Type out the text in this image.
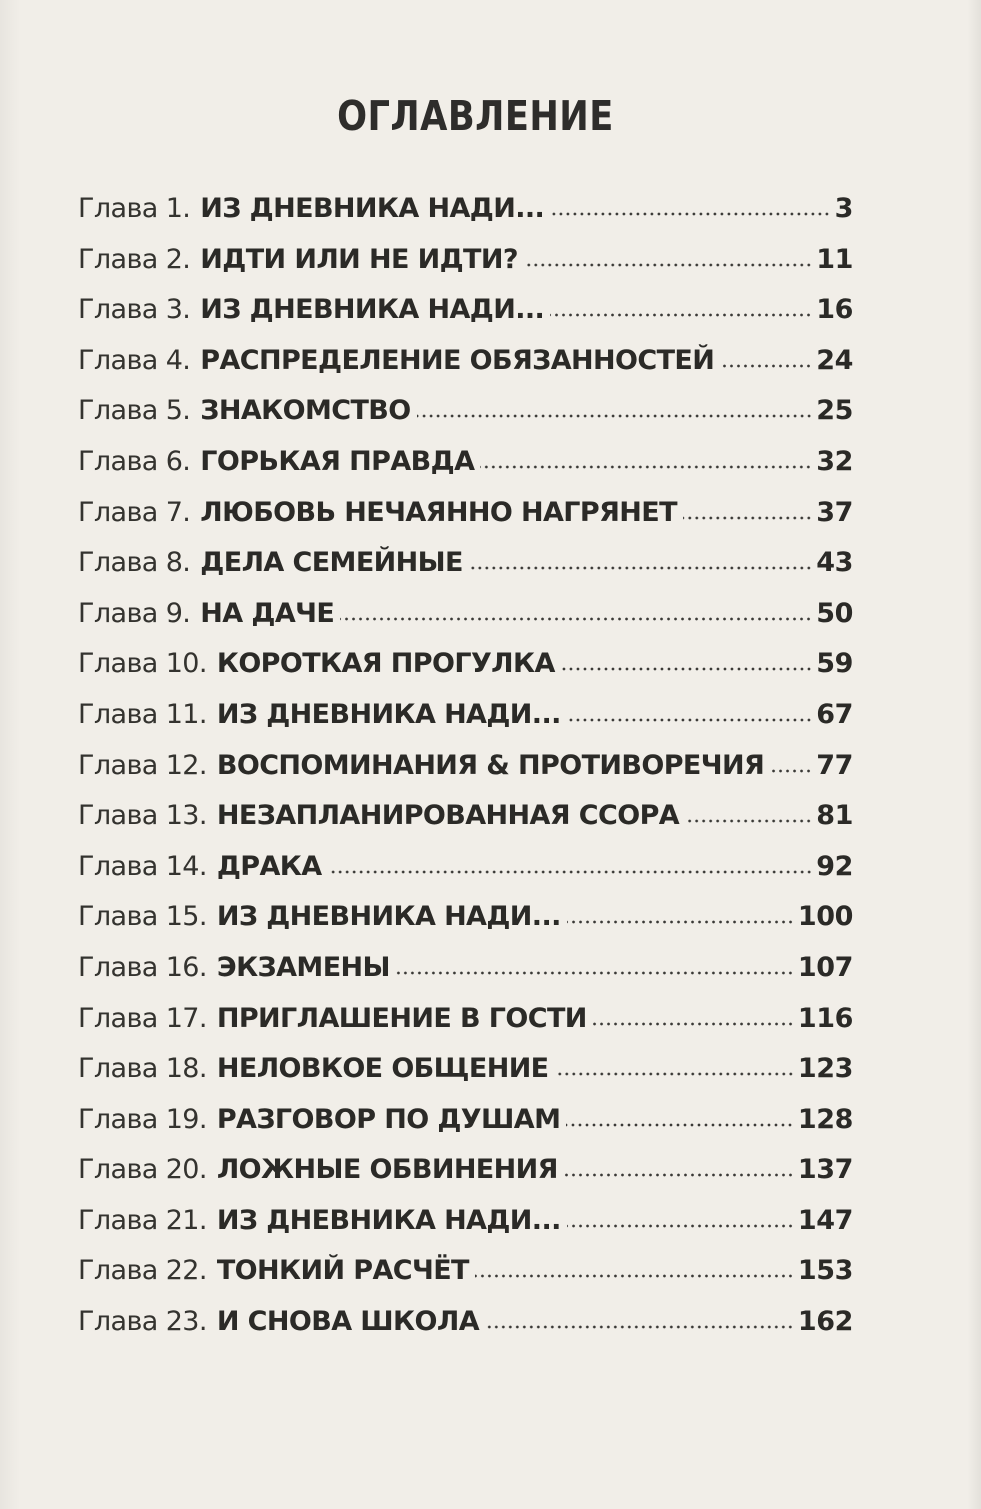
ОГЛАВЛЕНИЕ
Глава 1. ИЗ ДНЕВНИКА НАДИ...	3
Глава 2. ИДТИ ИЛИ НЕ ИДТИ?	11
Глава 3. ИЗ ДНЕВНИКА НАДИ...	16
Глава 4. РАСПРЕДЕЛЕНИЕ ОБЯЗАННОСТЕЙ	24
Глава 5. ЗНАКОМСТВО	25
Глава 6. ГОРЬКАЯ ПРАВДА	32
Глава 7. ЛЮБОВЬ НЕЧАЯННО НАГРЯНЕТ	37
Глава 8. ДЕЛА СЕМЕЙНЫЕ	43
Глава 9. НА ДАЧЕ	50
Глава 10. КОРОТКАЯ ПРОГУЛКА	59
Глава 11. ИЗ ДНЕВНИКА НАДИ...	67
Глава 12. ВОСПОМИНАНИЯ & ПРОТИВОРЕЧИЯ 77
Глава 13. НЕЗАПЛАНИРОВАННАЯ ССОРА	81
Глава 14. ДРАКА	92
Глава 15. ИЗ ДНЕВНИКА НАДИ...	100
Глава 16. ЭКЗАМЕНЫ	107
Глава 17. ПРИГЛАШЕНИЕ В ГОСТИ	116
Глава 18. НЕЛОВКОЕ ОБЩЕНИЕ	123
Глава 19. РАЗГОВОР ПО ДУШАМ	128
Глава 20. ЛОЖНЫЕ ОБВИНЕНИЯ	137
Глава 21. ИЗ ДНЕВНИКА НАДИ...	147
Глава 22. ТОНКИЙ РАСЧЁТ	153
Глава 23. И СНОВА ШКОЛА	162
